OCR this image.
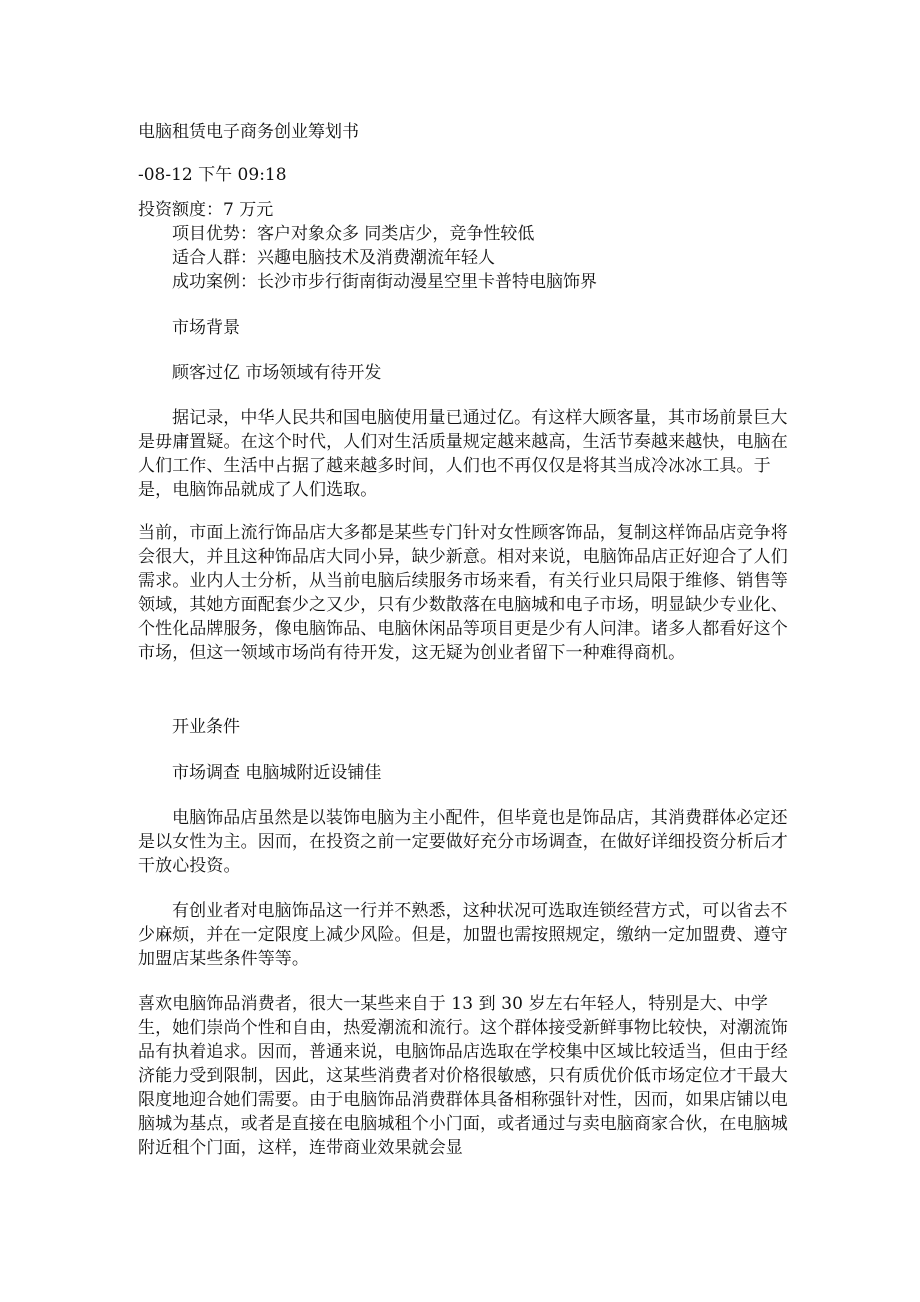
电脑租赁电子商务创业筹划书
-08-12 下午 09:18
投资额度：7 万元
项目优势：客户对象众多 同类店少，竞争性较低
适合人群：兴趣电脑技术及消费潮流年轻人
成功案例：长沙市步行街南街动漫星空里卡普特电脑饰界
市场背景
顾客过亿 市场领域有待开发
据记录，中华人民共和国电脑使用量已通过亿。有这样大顾客量，其市场前景巨大是毋庸置疑。在这个时代，人们对生活质量规定越来越高，生活节奏越来越快，电脑在人们工作、生活中占据了越来越多时间，人们也不再仅仅是将其当成冷冰冰工具。于是，电脑饰品就成了人们选取。
当前，市面上流行饰品店大多都是某些专门针对女性顾客饰品，复制这样饰品店竞争将会很大，并且这种饰品店大同小异，缺少新意。相对来说，电脑饰品店正好迎合了人们需求。业内人士分析，从当前电脑后续服务市场来看，有关行业只局限于维修、销售等领域，其她方面配套少之又少，只有少数散落在电脑城和电子市场，明显缺少专业化、个性化品牌服务，像电脑饰品、电脑休闲品等项目更是少有人问津。诸多人都看好这个市场，但这一领域市场尚有待开发，这无疑为创业者留下一种难得商机。
开业条件
市场调查 电脑城附近设铺佳
电脑饰品店虽然是以装饰电脑为主小配件，但毕竟也是饰品店，其消费群体必定还是以女性为主。因而，在投资之前一定要做好充分市场调查，在做好详细投资分析后才干放心投资。
有创业者对电脑饰品这一行并不熟悉，这种状况可选取连锁经营方式，可以省去不少麻烦，并在一定限度上减少风险。但是，加盟也需按照规定，缴纳一定加盟费、遵守加盟店某些条件等等。
喜欢电脑饰品消费者，很大一某些来自于 13 到 30 岁左右年轻人，特别是大、中学生，她们崇尚个性和自由，热爱潮流和流行。这个群体接受新鲜事物比较快，对潮流饰品有执着追求。因而，普通来说，电脑饰品店选取在学校集中区域比较适当，但由于经济能力受到限制，因此，这某些消费者对价格很敏感，只有质优价低市场定位才干最大限度地迎合她们需要。由于电脑饰品消费群体具备相称强针对性，因而，如果店铺以电脑城为基点，或者是直接在电脑城租个小门面，或者通过与卖电脑商家合伙，在电脑城附近租个门面，这样，连带商业效果就会显
